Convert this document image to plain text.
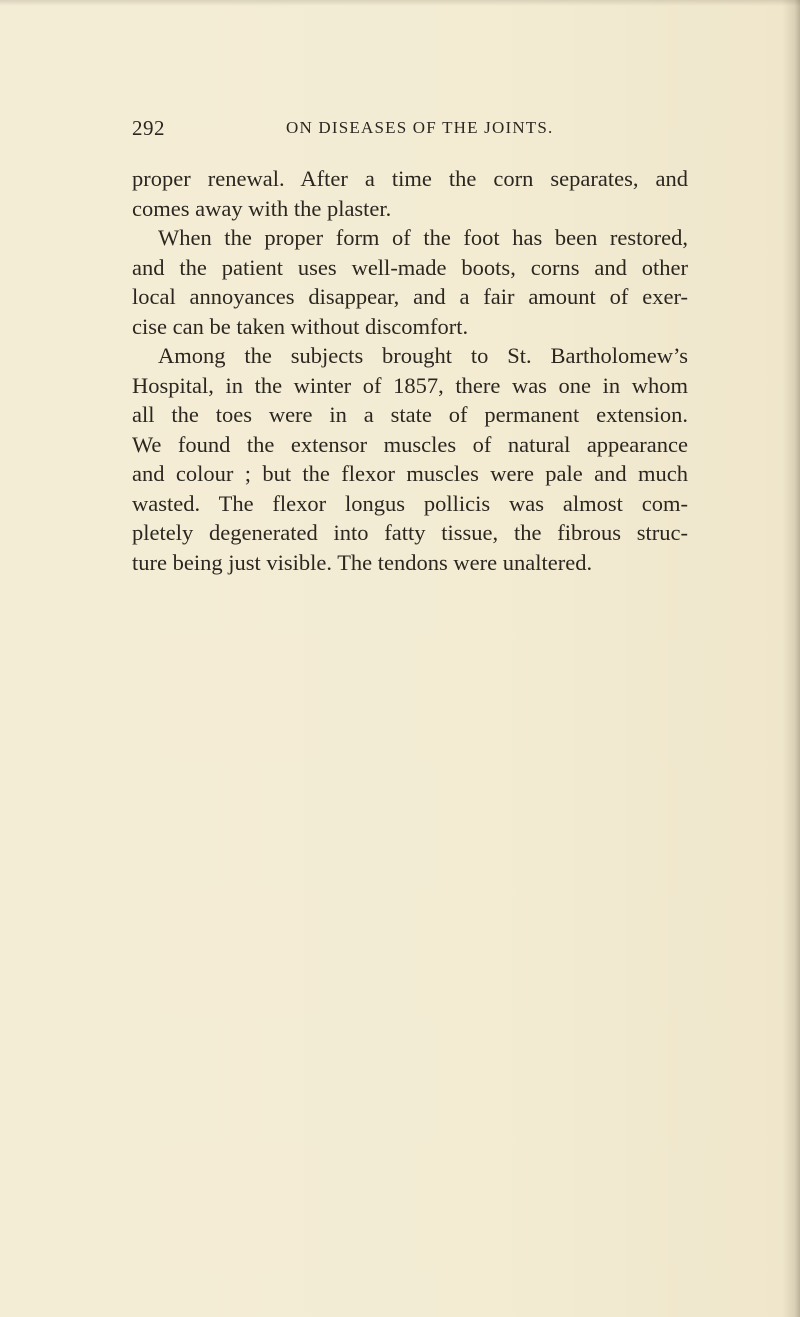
292	ON DISEASES OF THE JOINTS.
proper renewal. After a time the corn separates, and
comes away with the plaster.
When the proper form of the foot has been restored,
and the patient uses well-made boots, corns and other
local annoyances disappear, and a fair amount of exer-
cise can be taken without discomfort.
Among the subjects brought to St. Bartholomew’s
Hospital, in the winter of 1857, there was one in whom
all the toes were in a state of permanent extension.
We found the extensor muscles of natural appearance
and colour ; but the flexor muscles were pale and much
wasted. The flexor longus pollicis was almost com-
pletely degenerated into fatty tissue, the fibrous struc-
ture being just visible. The tendons were unaltered.
